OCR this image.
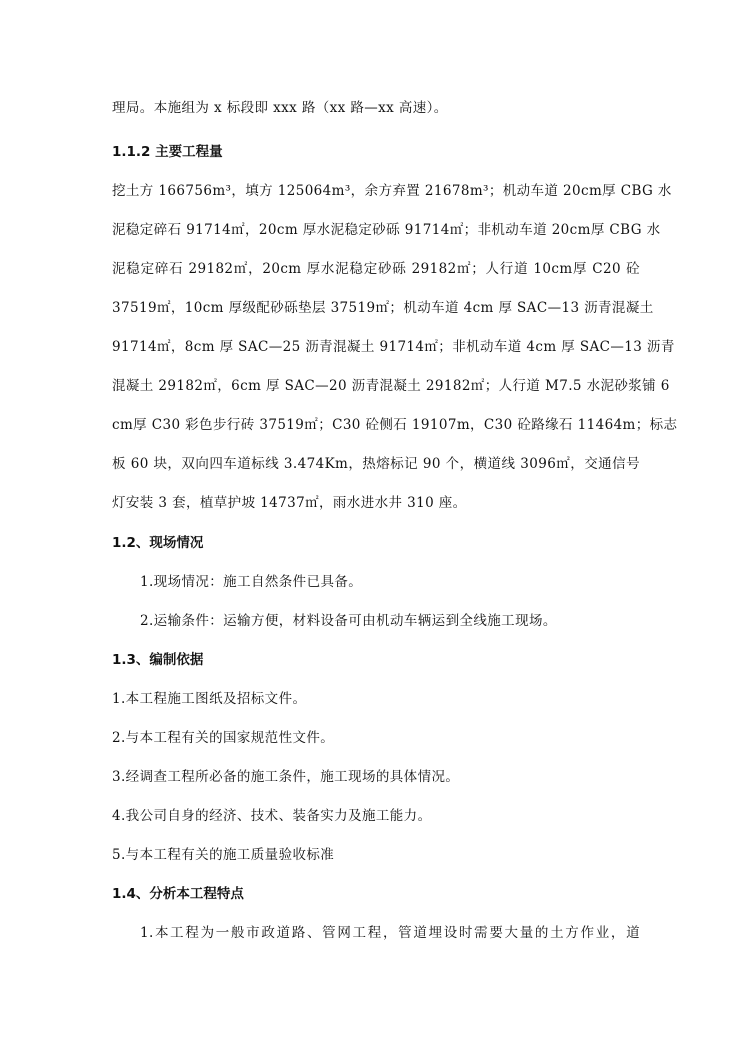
理局。本施组为 x 标段即 xxx 路（xx 路—xx 高速）。
1.1.2 主要工程量
挖土方 166756m³，填方 125064m³，余方弃置 21678m³；机动车道 20cm厚 CBG 水
泥稳定碎石 91714㎡，20cm 厚水泥稳定砂砾 91714㎡；非机动车道 20cm厚 CBG 水
泥稳定碎石 29182㎡，20cm 厚水泥稳定砂砾 29182㎡；人行道 10cm厚 C20 砼
37519㎡，10cm 厚级配砂砾垫层 37519㎡；机动车道 4cm 厚 SAC—13 沥青混凝土
91714㎡，8cm 厚 SAC—25 沥青混凝土 91714㎡；非机动车道 4cm 厚 SAC—13 沥青
混凝土 29182㎡，6cm 厚 SAC—20 沥青混凝土 29182㎡；人行道 M7.5 水泥砂浆铺 6
cm厚 C30 彩色步行砖 37519㎡；C30 砼侧石 19107m，C30 砼路缘石 11464m；标志
板 60 块，双向四车道标线 3.474Km，热熔标记 90 个，横道线 3096㎡，交通信号
灯安装 3 套，植草护坡 14737㎡，雨水进水井 310 座。
1.2、现场情况
1.现场情况：施工自然条件已具备。
2.运输条件：运输方便，材料设备可由机动车辆运到全线施工现场。
1.3、编制依据
1.本工程施工图纸及招标文件。
2.与本工程有关的国家规范性文件。
3.经调查工程所必备的施工条件，施工现场的具体情况。
4.我公司自身的经济、技术、装备实力及施工能力。
5.与本工程有关的施工质量验收标准
1.4、分析本工程特点
1.本工程为一般市政道路、管网工程，管道埋设时需要大量的土方作业，道
